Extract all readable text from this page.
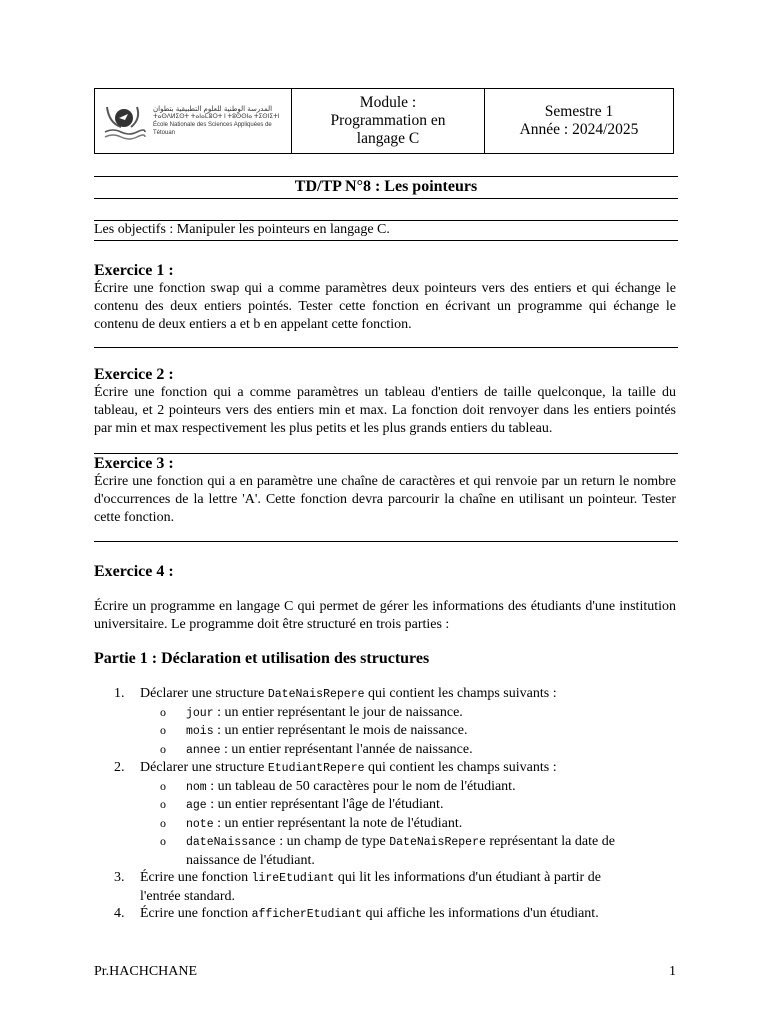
المدرسة الوطنية للعلوم التطبيقية بتطوان
ⵜⴰⵙⴷⵍⵉⵙⵜ ⵜⴰⵏⴰⵎⵓⵔⵜ ⵏ ⵜⵓⵙⵙⵏⴰ ⵜⵉⵙⵏⵉⵜⵏ
École Nationale des Sciences Appliquées de Tétouan
Module :
Programmation en
langage C
Semestre 1
Année : 2024/2025
TD/TP N°8 : Les pointeurs
Les objectifs : Manipuler les pointeurs en langage C.
Exercice 1 :

Écrire une fonction swap qui a comme paramètres deux pointeurs vers des entiers et qui échange le contenu des deux entiers pointés. Tester cette fonction en écrivant un programme qui échange le contenu de deux entiers a et b en appelant cette fonction.

Exercice 2 :

Écrire une fonction qui a comme paramètres un tableau d'entiers de taille quelconque, la taille du tableau, et 2 pointeurs vers des entiers min et max. La fonction doit renvoyer dans les entiers pointés par min et max respectivement les plus petits et les plus grands entiers du tableau.

Exercice 3 :

Écrire une fonction qui a en paramètre une chaîne de caractères et qui renvoie par un return le nombre d'occurrences de la lettre 'A'. Cette fonction devra parcourir la chaîne en utilisant un pointeur. Tester cette fonction.

Exercice 4 :

Écrire un programme en langage C qui permet de gérer les informations des étudiants d'une institution universitaire. Le programme doit être structuré en trois parties :

Partie 1 : Déclaration et utilisation des structures
1. Déclarer une structure DateNaisRepere qui contient les champs suivants :
o jour : un entier représentant le jour de naissance.
o mois : un entier représentant le mois de naissance.
o annee : un entier représentant l'année de naissance.
2. Déclarer une structure EtudiantRepere qui contient les champs suivants :
o nom : un tableau de 50 caractères pour le nom de l'étudiant.
o age : un entier représentant l'âge de l'étudiant.
o note : un entier représentant la note de l'étudiant.
o dateNaissance : un champ de type DateNaisRepere représentant la date de
naissance de l'étudiant.
3. Écrire une fonction lireEtudiant qui lit les informations d'un étudiant à partir de
l'entrée standard.
4. Écrire une fonction afficherEtudiant qui affiche les informations d'un étudiant.
Pr.HACHCHANE	1
